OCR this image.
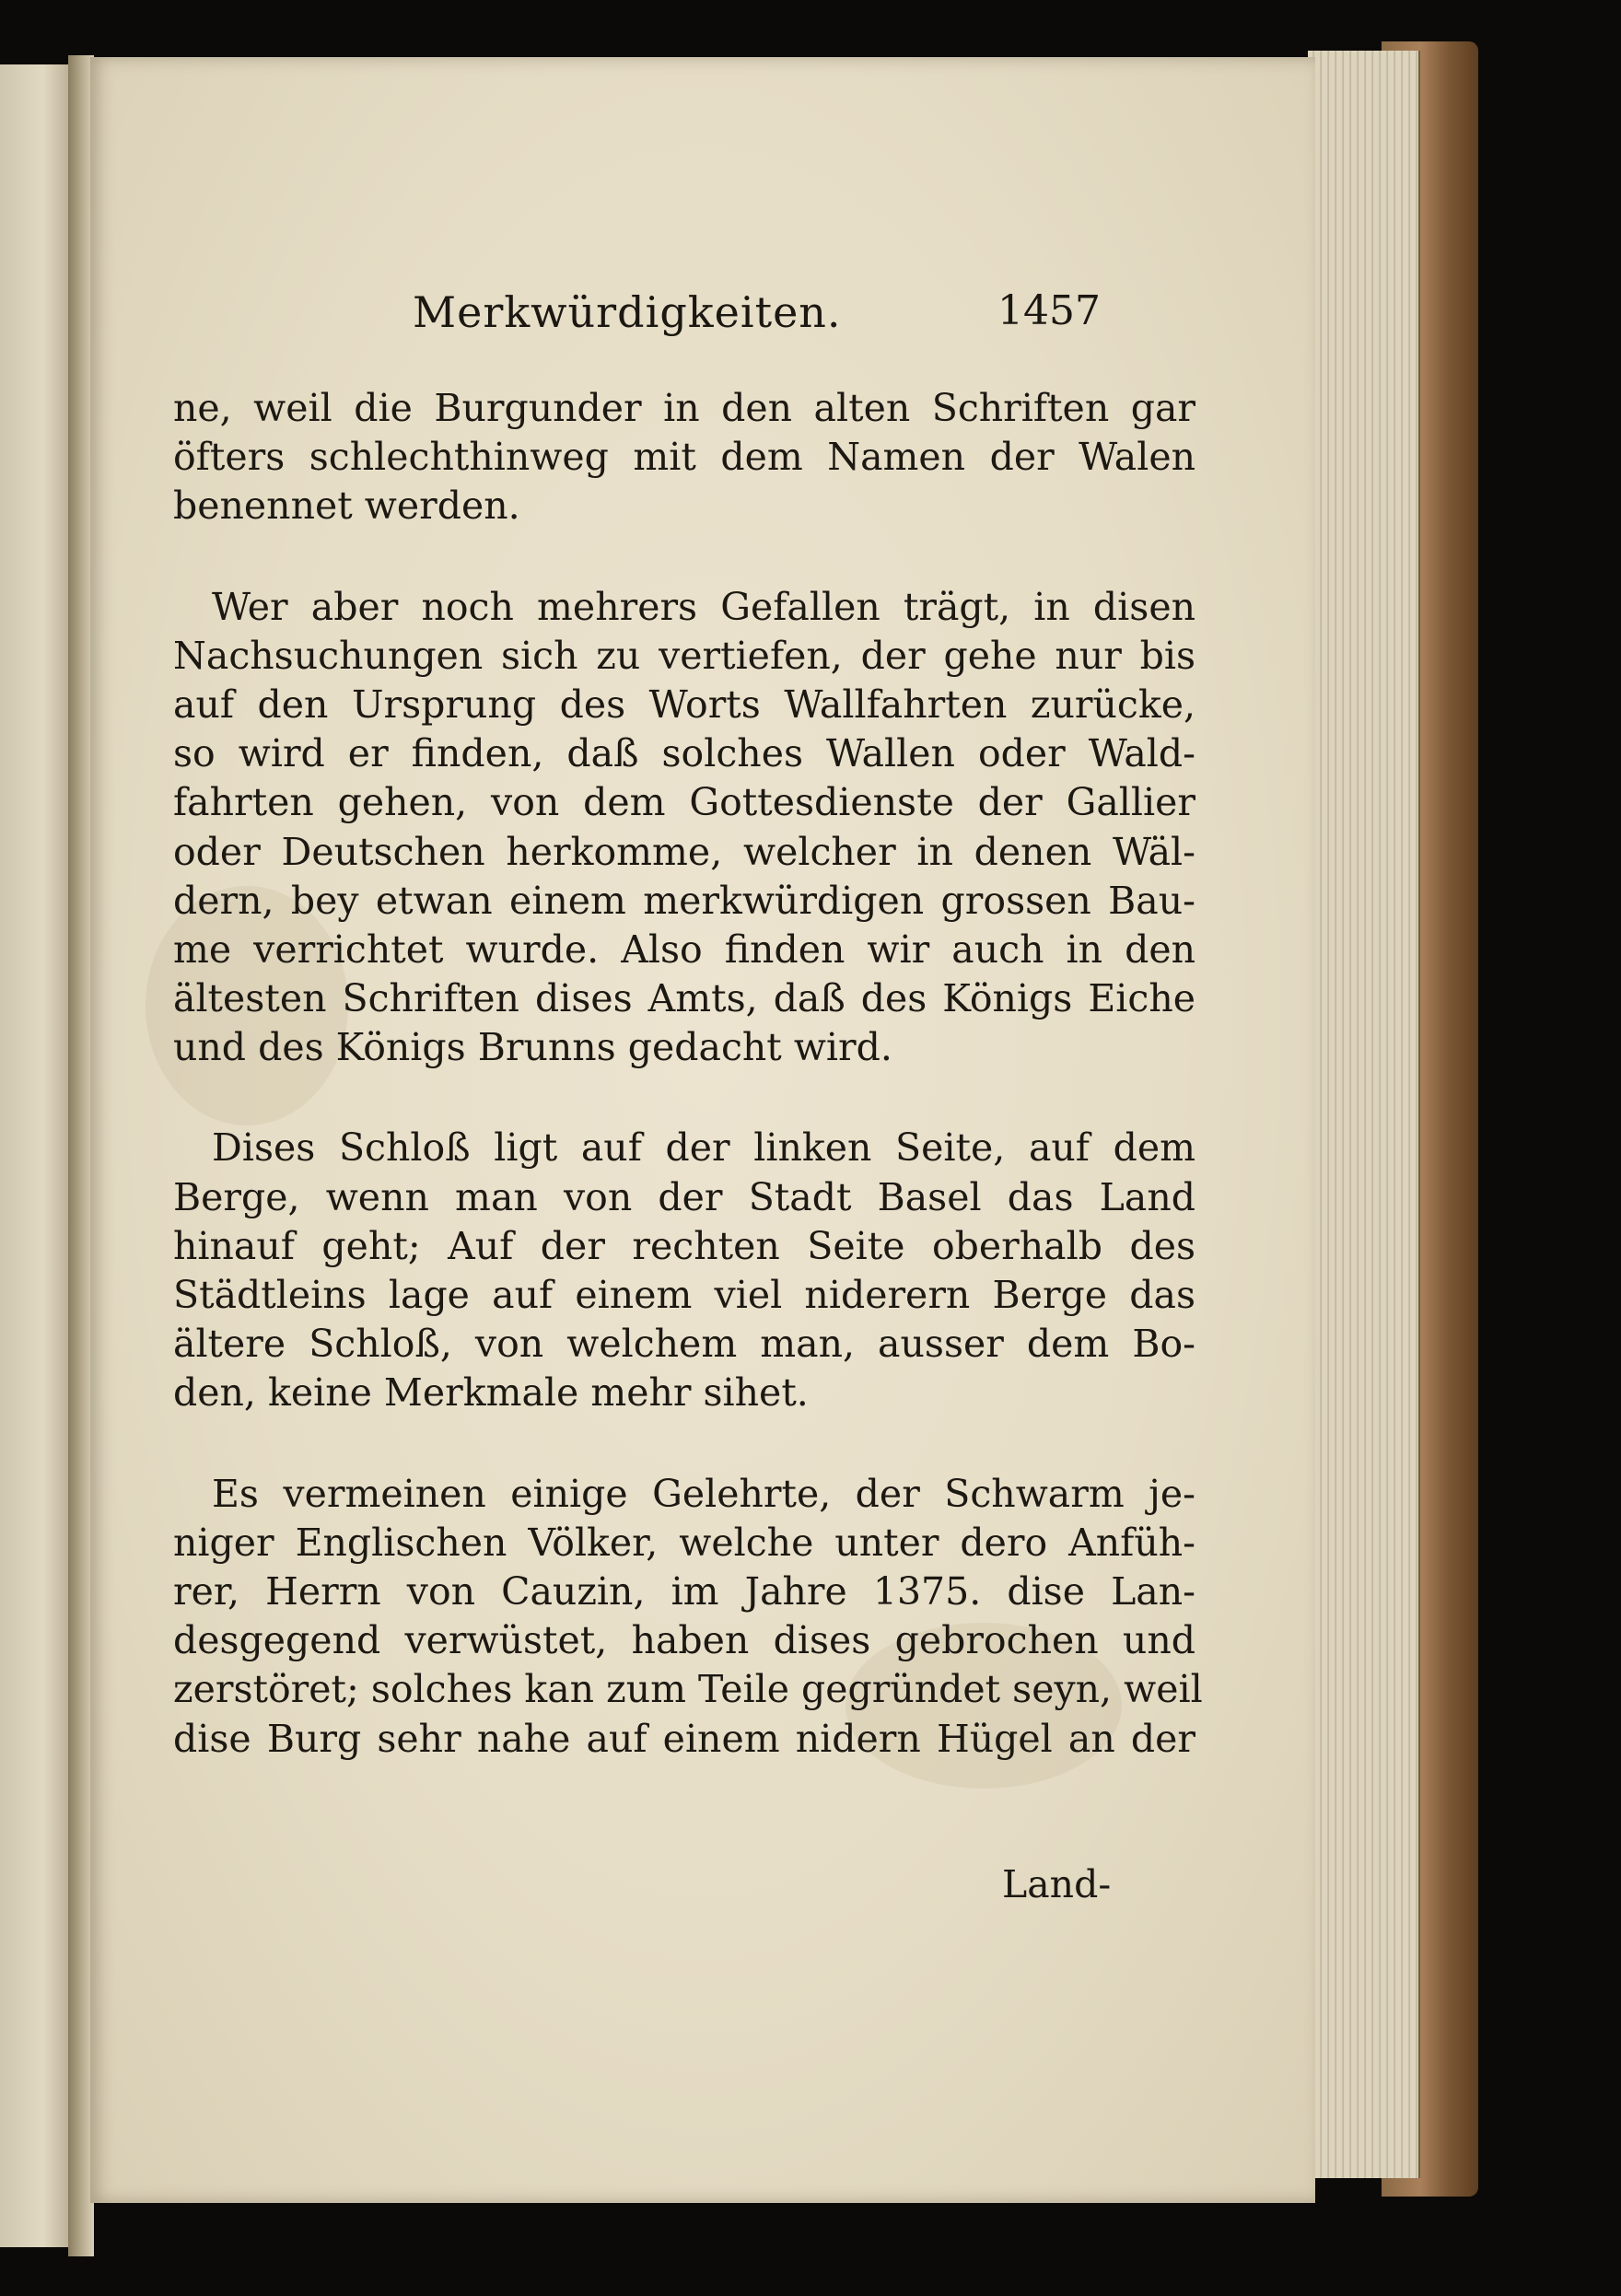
Merkwürdigkeiten.	1457

ne, weil die Burgunder in den alten Schriften gar
öfters schlechthinweg mit dem Namen der Walen
benennet werden.

Wer aber noch mehrers Gefallen trägt, in disen
Nachsuchungen sich zu vertiefen, der gehe nur bis
auf den Ursprung des Worts Wallfahrten zurücke,
so wird er finden, daß solches Wallen oder Wald-
fahrten gehen, von dem Gottesdienste der Gallier
oder Deutschen herkomme, welcher in denen Wäl-
dern, bey etwan einem merkwürdigen grossen Bau-
me verrichtet wurde. Also finden wir auch in den
ältesten Schriften dises Amts, daß des Königs Eiche
und des Königs Brunns gedacht wird.

Dises Schloß ligt auf der linken Seite, auf dem
Berge, wenn man von der Stadt Basel das Land
hinauf geht; Auf der rechten Seite oberhalb des
Städtleins lage auf einem viel niderern Berge das
ältere Schloß, von welchem man, ausser dem Bo-
den, keine Merkmale mehr sihet.

Es vermeinen einige Gelehrte, der Schwarm je-
niger Englischen Völker, welche unter dero Anfüh-
rer, Herrn von Cauzin, im Jahre 1375. dise Lan-
desgegend verwüstet, haben dises gebrochen und
zerstöret; solches kan zum Teile gegründet seyn, weil
dise Burg sehr nahe auf einem nidern Hügel an der

Land-
